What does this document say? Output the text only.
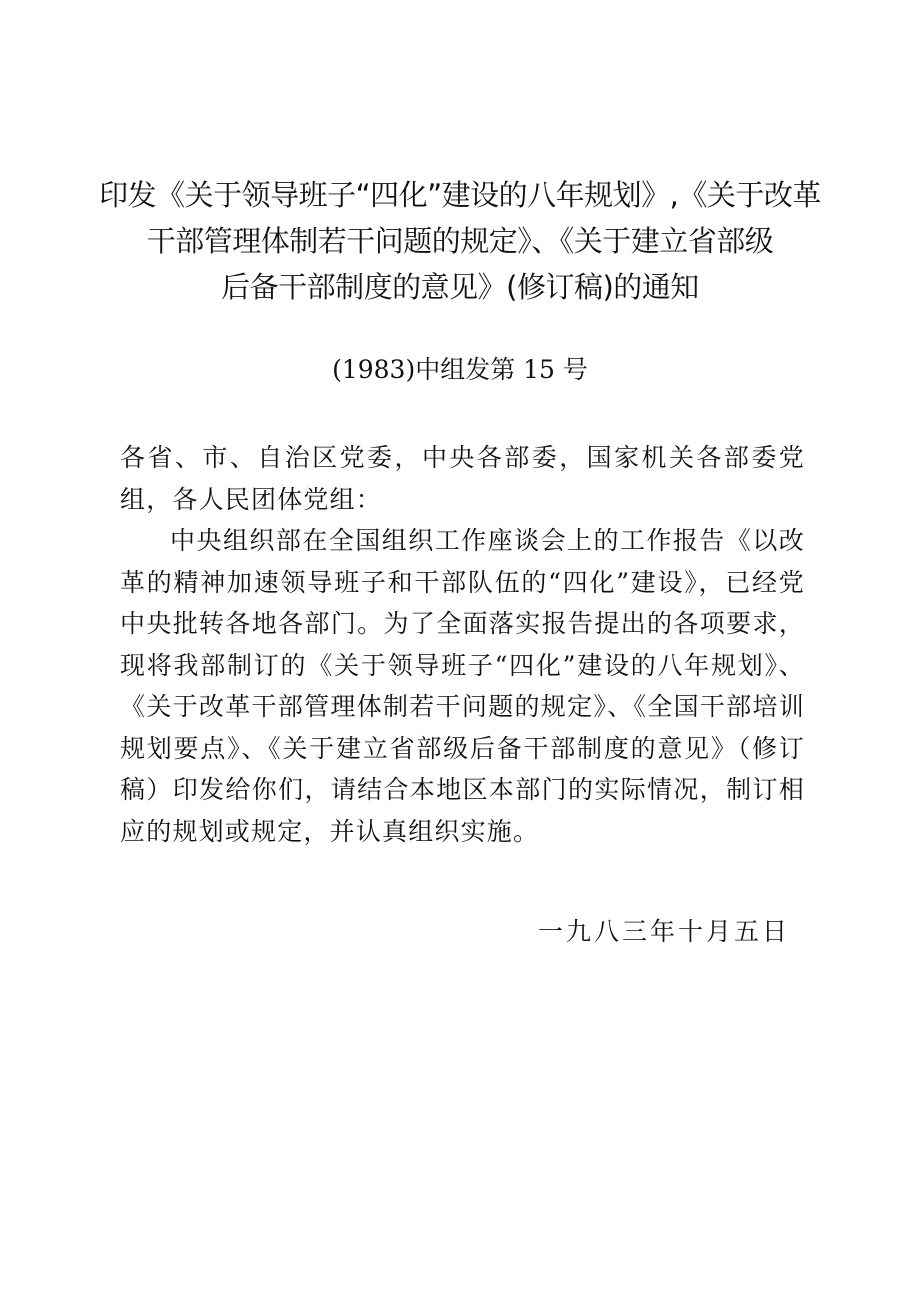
印发《关于领导班子“四化”建设的八年规划》,《关于改革
干部管理体制若干问题的规定》、《关于建立省部级
后备干部制度的意见》(修订稿)的通知
(1983)中组发第 15 号

各省、市、自治区党委，中央各部委，国家机关各部委党组，各人民团体党组：

中央组织部在全国组织工作座谈会上的工作报告《以改革的精神加速领导班子和干部队伍的“四化”建设》，已经党中央批转各地各部门。为了全面落实报告提出的各项要求，现将我部制订的《关于领导班子“四化”建设的八年规划》、《关于改革干部管理体制若干问题的规定》、《全国干部培训规划要点》、《关于建立省部级后备干部制度的意见》（修订稿）印发给你们，请结合本地区本部门的实际情况，制订相应的规划或规定，并认真组织实施。

一九八三年十月五日
